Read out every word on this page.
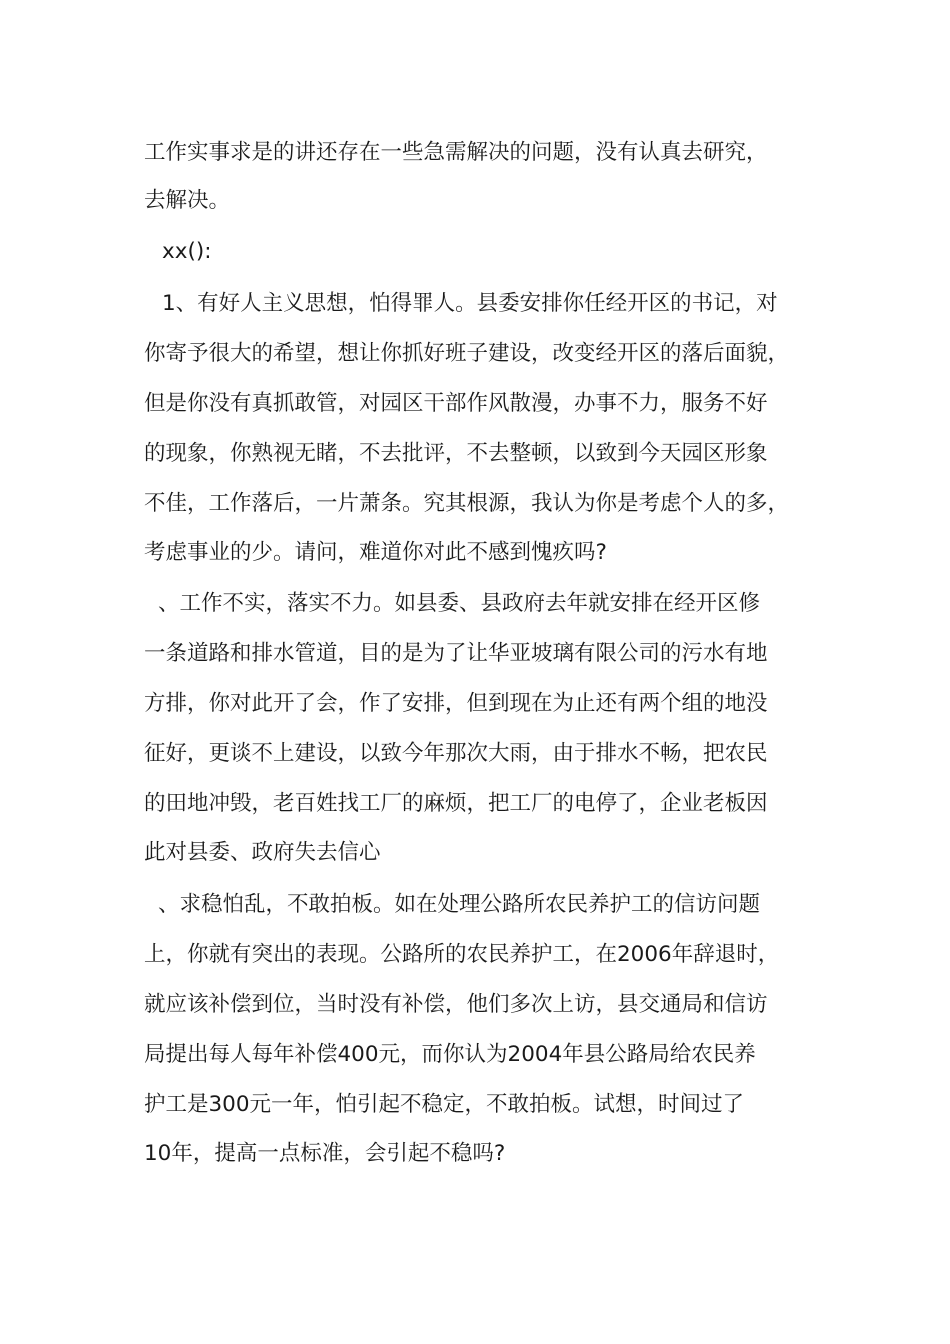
工作实事求是的讲还存在一些急需解决的问题，没有认真去研究，
去解决。
xx():
1、有好人主义思想，怕得罪人。县委安排你任经开区的书记，对
你寄予很大的希望，想让你抓好班子建设，改变经开区的落后面貌，
但是你没有真抓敢管，对园区干部作风散漫，办事不力，服务不好
的现象，你熟视无睹，不去批评，不去整顿，以致到今天园区形象
不佳，工作落后，一片萧条。究其根源，我认为你是考虑个人的多，
考虑事业的少。请问，难道你对此不感到愧疚吗?
、工作不实，落实不力。如县委、县政府去年就安排在经开区修
一条道路和排水管道，目的是为了让华亚坡璃有限公司的污水有地
方排，你对此开了会，作了安排，但到现在为止还有两个组的地没
征好，更谈不上建设，以致今年那次大雨，由于排水不畅，把农民
的田地冲毁，老百姓找工厂的麻烦，把工厂的电停了，企业老板因
此对县委、政府失去信心
、求稳怕乱，不敢拍板。如在处理公路所农民养护工的信访问题
上，你就有突出的表现。公路所的农民养护工，在2006年辞退时，
就应该补偿到位，当时没有补偿，他们多次上访，县交通局和信访
局提出每人每年补偿400元，而你认为2004年县公路局给农民养
护工是300元一年，怕引起不稳定，不敢拍板。试想，时间过了
10年，提高一点标准，会引起不稳吗?
